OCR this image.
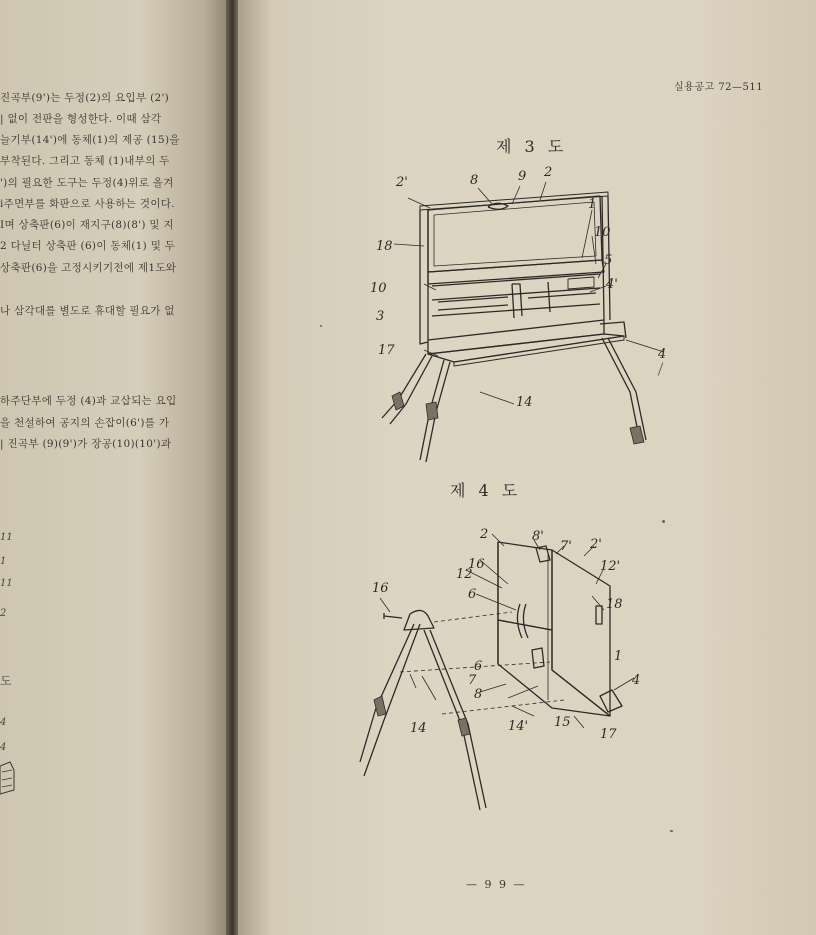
진곡부(9')는 두정(2)의 요입부 (2')
| 없이 전판을 형성한다. 이때 삼각
늘기부(14')에 동체(1)의 제공 (15)을
부착된다. 그리고 동체 (1)내부의 두
')의 필요한 도구는 두정(4)위로 올겨
i주면부를 화판으로 사용하는 것이다.
I며 상축판(6)이 재지구(8)(8') 및 지
2 다닐터 상축판 (6)이 동체(1) 및 두
상축판(6)을 고정시키기전에 제1도와
나 삼각대를 별도로 휴대할 필요가 없
하주단부에 두정 (4)과 교삽되는 요입
을 천설하여 공지의 손잡이(6')를 가
| 진곡부 (9)(9')가 장공(10)(10')과
11
1
11
2
도
4
4
실용공고 72—511
제 3 도
2'	8	9 2
1
18
10
5
10	4'
3
17	4
14
제 4 도
2	8'
7' 2'
16
12
12'
6
18
16
6
1
7
8
4
14	14' 15
17
— 9 9 —
